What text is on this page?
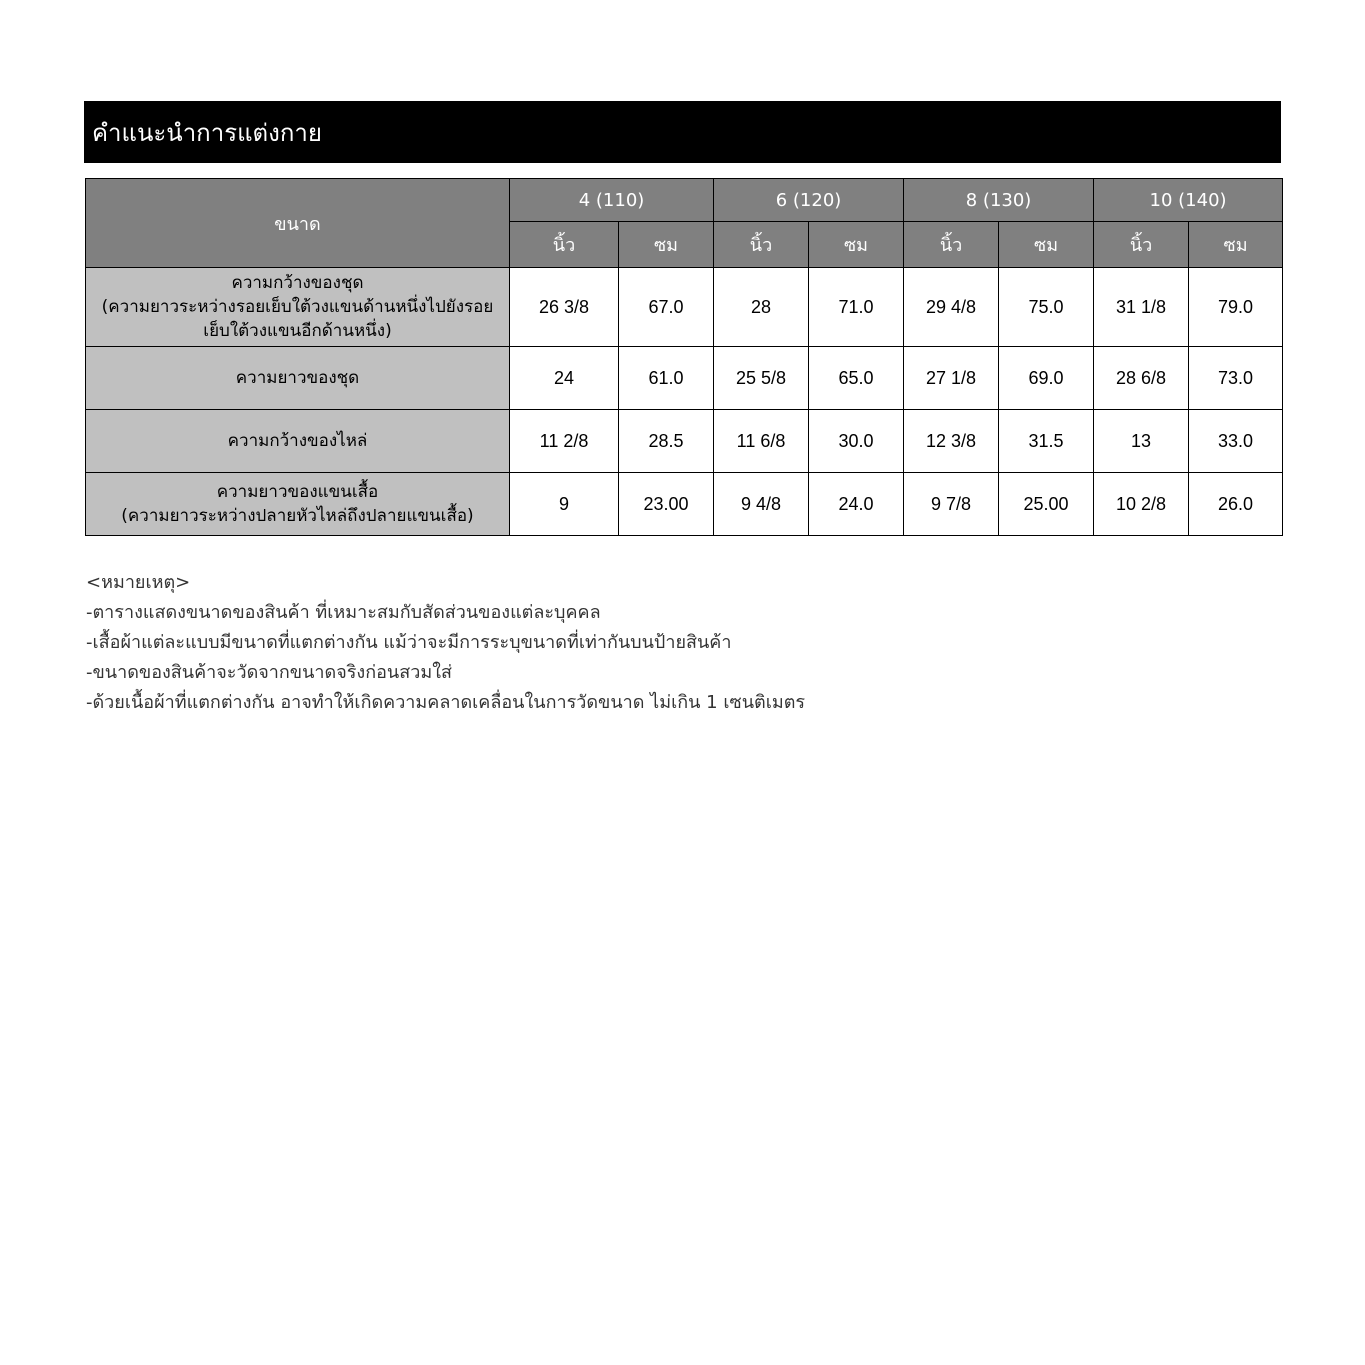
คำแนะนำการแต่งกาย
ขนาด	4 (110)		6 (120)		8 (130)		10 (140)	
	นิ้ว	ซม	นิ้ว	ซม	นิ้ว	ซม	นิ้ว	ซม

ความกว้างของชุด
(ความยาวระหว่างรอยเย็บใต้วงแขนด้านหนึ่งไปยังรอย
เย็บใต้วงแขนอีกด้านหนึ่ง)	26 3/8	67.0	28	71.0	29 4/8	75.0	31 1/8	79.0

ความยาวของชุด	24	61.0	25 5/8	65.0	27 1/8	69.0	28 6/8	73.0

ความกว้างของไหล่	11 2/8	28.5	11 6/8	30.0	12 3/8	31.5	13	33.0

ความยาวของแขนเสื้อ
(ความยาวระหว่างปลายหัวไหล่ถึงปลายแขนเสื้อ)	9	23.00	9 4/8	24.0	9 7/8	25.00	10 2/8	26.0
<หมายเหตุ>
-ตารางแสดงขนาดของสินค้า ที่เหมาะสมกับสัดส่วนของแต่ละบุคคล
-เสื้อผ้าแต่ละแบบมีขนาดที่แตกต่างกัน แม้ว่าจะมีการระบุขนาดที่เท่ากันบนป้ายสินค้า
-ขนาดของสินค้าจะวัดจากขนาดจริงก่อนสวมใส่
-ด้วยเนื้อผ้าที่แตกต่างกัน อาจทำให้เกิดความคลาดเคลื่อนในการวัดขนาด ไม่เกิน 1 เซนติเมตร
